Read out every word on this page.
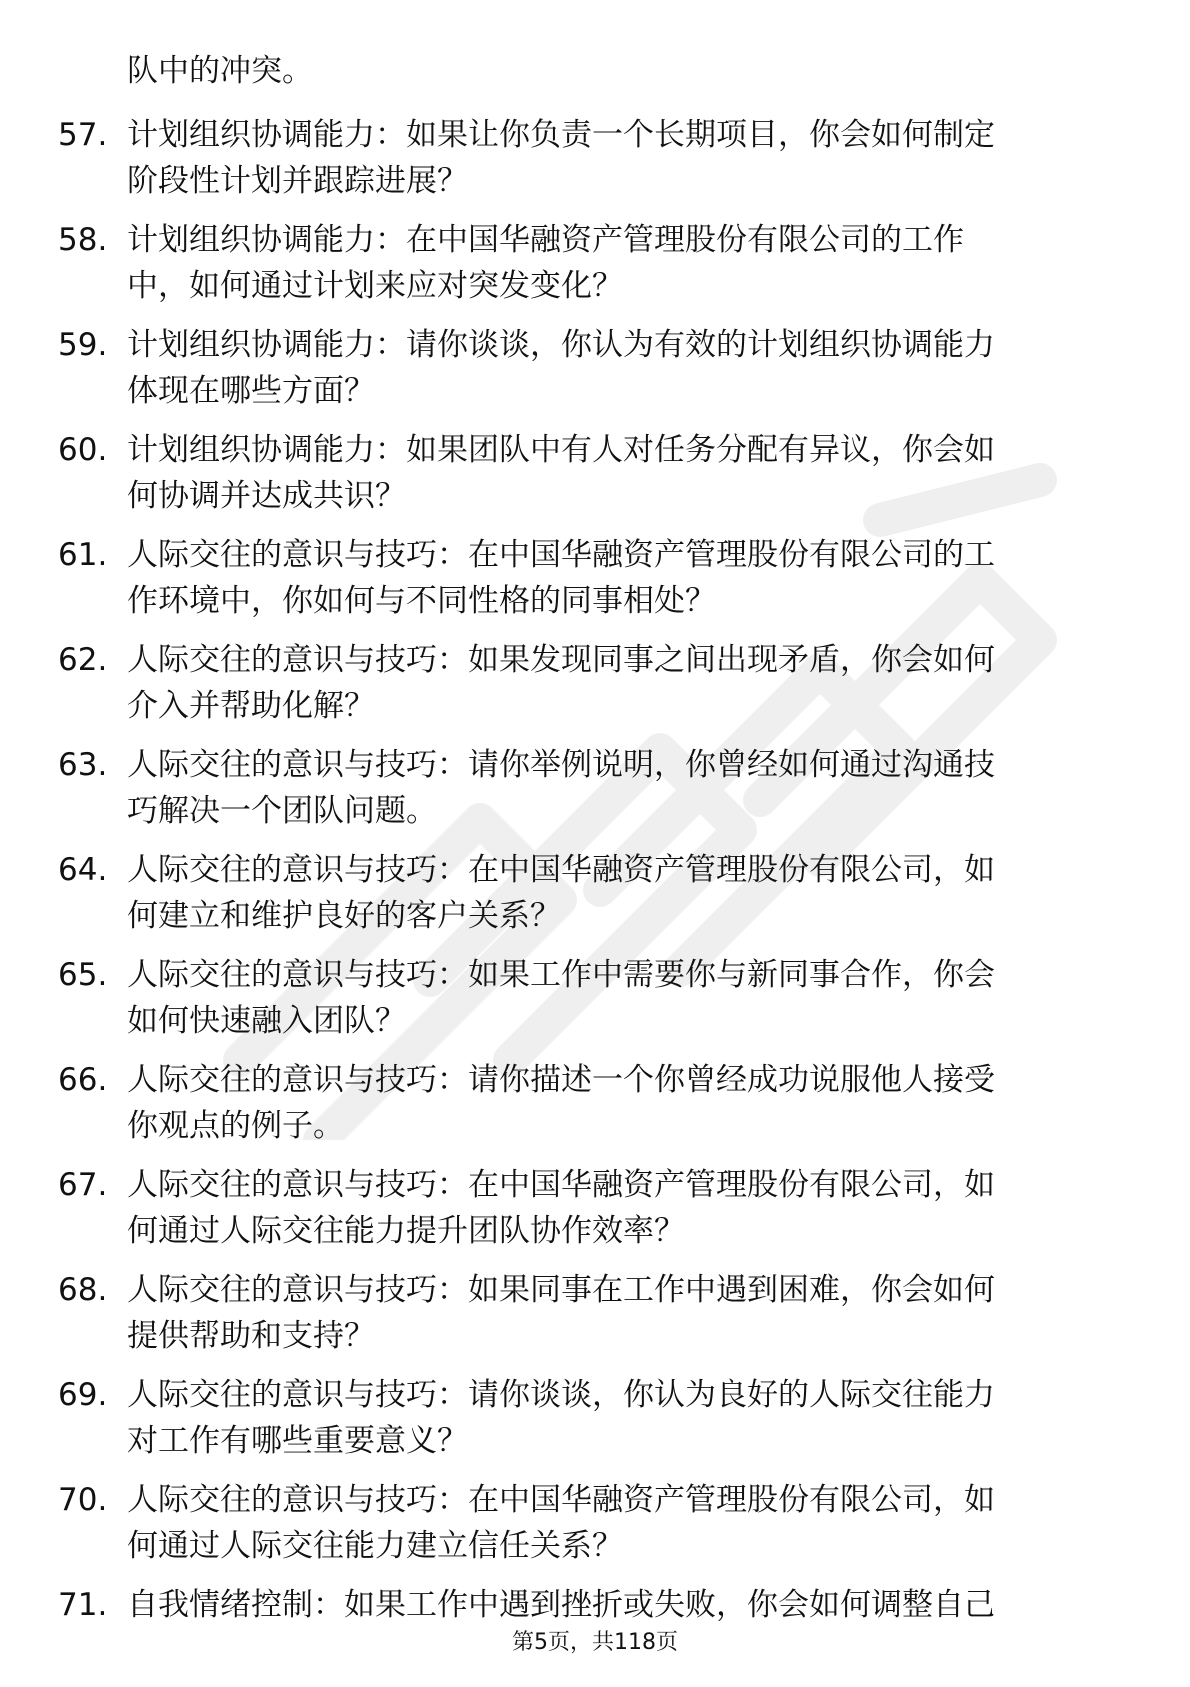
队中的冲突。
57. 计划组织协调能力：如果让你负责一个长期项目，你会如何制定
阶段性计划并跟踪进展？
58. 计划组织协调能力：在中国华融资产管理股份有限公司的工作
中，如何通过计划来应对突发变化？
59. 计划组织协调能力：请你谈谈，你认为有效的计划组织协调能力
体现在哪些方面？
60. 计划组织协调能力：如果团队中有人对任务分配有异议，你会如
何协调并达成共识？
61. 人际交往的意识与技巧：在中国华融资产管理股份有限公司的工
作环境中，你如何与不同性格的同事相处？
62. 人际交往的意识与技巧：如果发现同事之间出现矛盾，你会如何
介入并帮助化解？
63. 人际交往的意识与技巧：请你举例说明，你曾经如何通过沟通技
巧解决一个团队问题。
64. 人际交往的意识与技巧：在中国华融资产管理股份有限公司，如
何建立和维护良好的客户关系？
65. 人际交往的意识与技巧：如果工作中需要你与新同事合作，你会
如何快速融入团队？
66. 人际交往的意识与技巧：请你描述一个你曾经成功说服他人接受
你观点的例子。
67. 人际交往的意识与技巧：在中国华融资产管理股份有限公司，如
何通过人际交往能力提升团队协作效率？
68. 人际交往的意识与技巧：如果同事在工作中遇到困难，你会如何
提供帮助和支持？
69. 人际交往的意识与技巧：请你谈谈，你认为良好的人际交往能力
对工作有哪些重要意义？
70. 人际交往的意识与技巧：在中国华融资产管理股份有限公司，如
何通过人际交往能力建立信任关系？
71. 自我情绪控制：如果工作中遇到挫折或失败，你会如何调整自己
第5页，共118页
